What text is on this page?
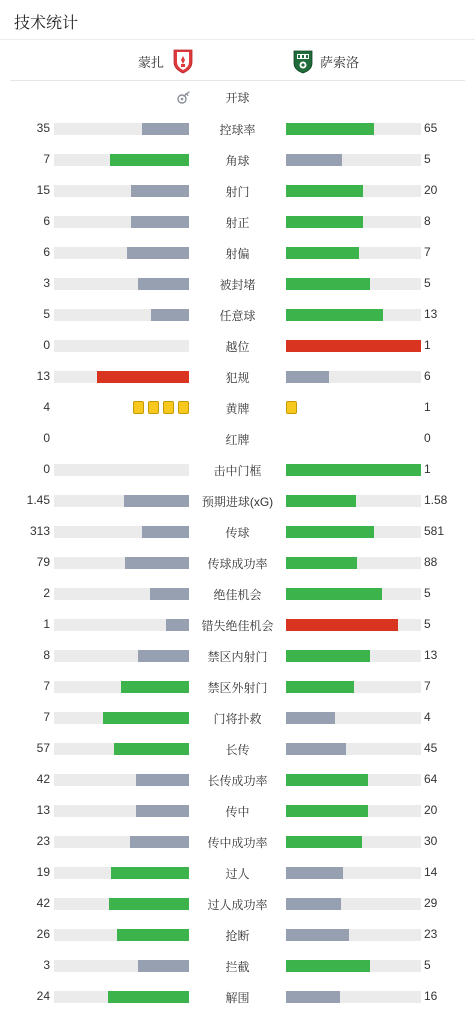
技术统计
蒙扎	萨索洛
开球
35	控球率	65
7	角球	5
15	射门	20
6	射正	8
6	射偏	7
3	被封堵	5
5	任意球	13
0	越位	1
13	犯规	6
4	黄牌	1
0	红牌	0
0	击中门框	1
1.45	预期进球(xG)	1.58
313	传球	581
79	传球成功率	88
2	绝佳机会	5
1	错失绝佳机会	5
8	禁区内射门	13
7	禁区外射门	7
7	门将扑救	4
57	长传	45
42	长传成功率	64
13	传中	20
23	传中成功率	30
19	过人	14
42	过人成功率	29
26	抢断	23
3	拦截	5
24	解围	16
